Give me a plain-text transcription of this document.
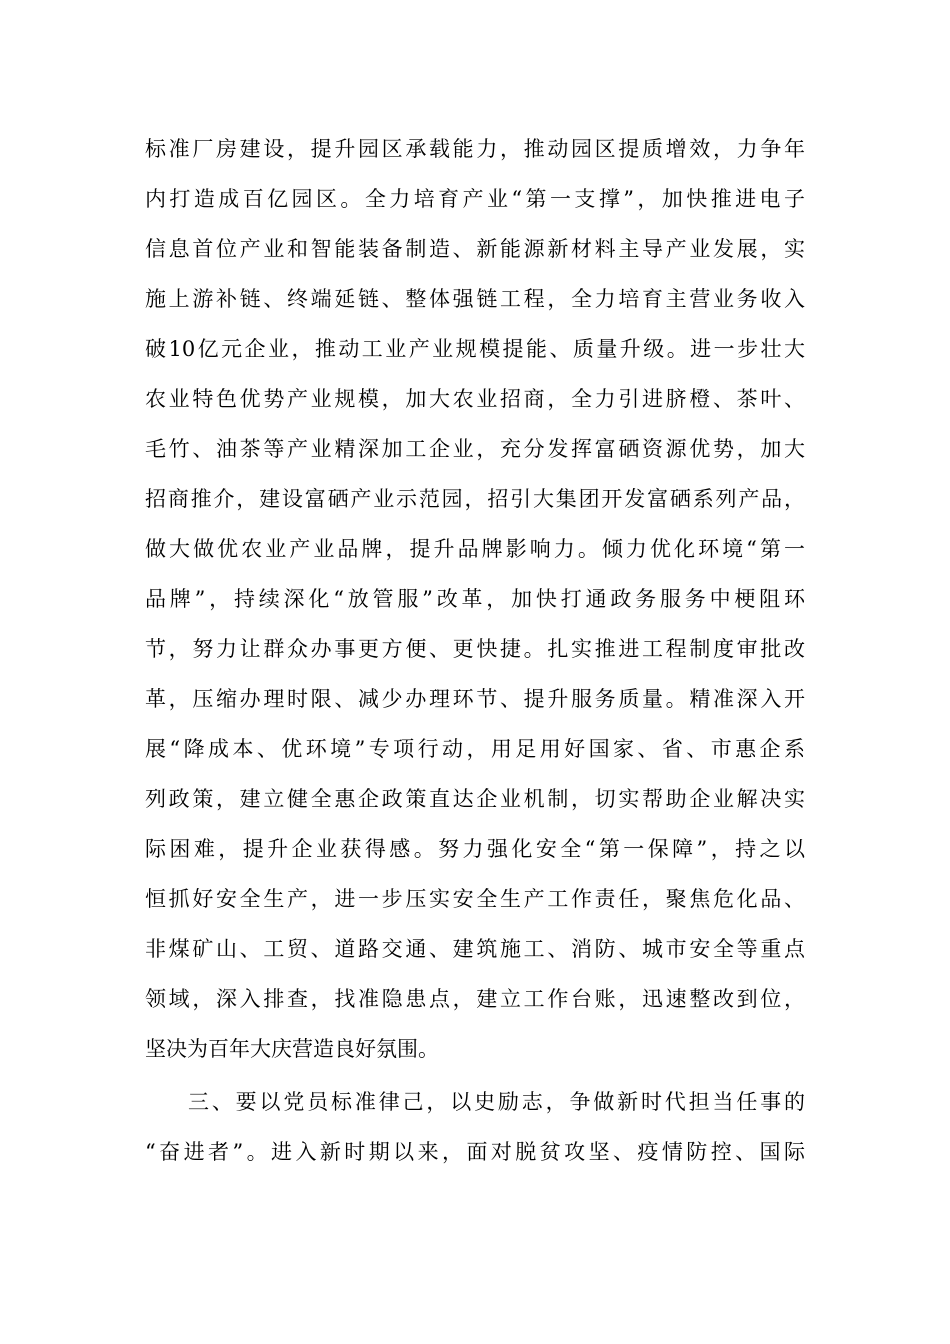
标准厂房建设，提升园区承载能力，推动园区提质增效，力争年
内打造成百亿园区。全力培育产业“第一支撑”，加快推进电子
信息首位产业和智能装备制造、新能源新材料主导产业发展，实
施上游补链、终端延链、整体强链工程，全力培育主营业务收入
破10亿元企业，推动工业产业规模提能、质量升级。进一步壮大
农业特色优势产业规模，加大农业招商，全力引进脐橙、茶叶、
毛竹、油茶等产业精深加工企业，充分发挥富硒资源优势，加大
招商推介，建设富硒产业示范园，招引大集团开发富硒系列产品，
做大做优农业产业品牌，提升品牌影响力。倾力优化环境“第一
品牌”，持续深化“放管服”改革，加快打通政务服务中梗阻环
节，努力让群众办事更方便、更快捷。扎实推进工程制度审批改
革，压缩办理时限、减少办理环节、提升服务质量。精准深入开
展“降成本、优环境”专项行动，用足用好国家、省、市惠企系
列政策，建立健全惠企政策直达企业机制，切实帮助企业解决实
际困难，提升企业获得感。努力强化安全“第一保障”，持之以
恒抓好安全生产，进一步压实安全生产工作责任，聚焦危化品、
非煤矿山、工贸、道路交通、建筑施工、消防、城市安全等重点
领域，深入排查，找准隐患点，建立工作台账，迅速整改到位，
坚决为百年大庆营造良好氛围。
三、要以党员标准律己，以史励志，争做新时代担当任事的
“奋进者”。进入新时期以来，面对脱贫攻坚、疫情防控、国际
